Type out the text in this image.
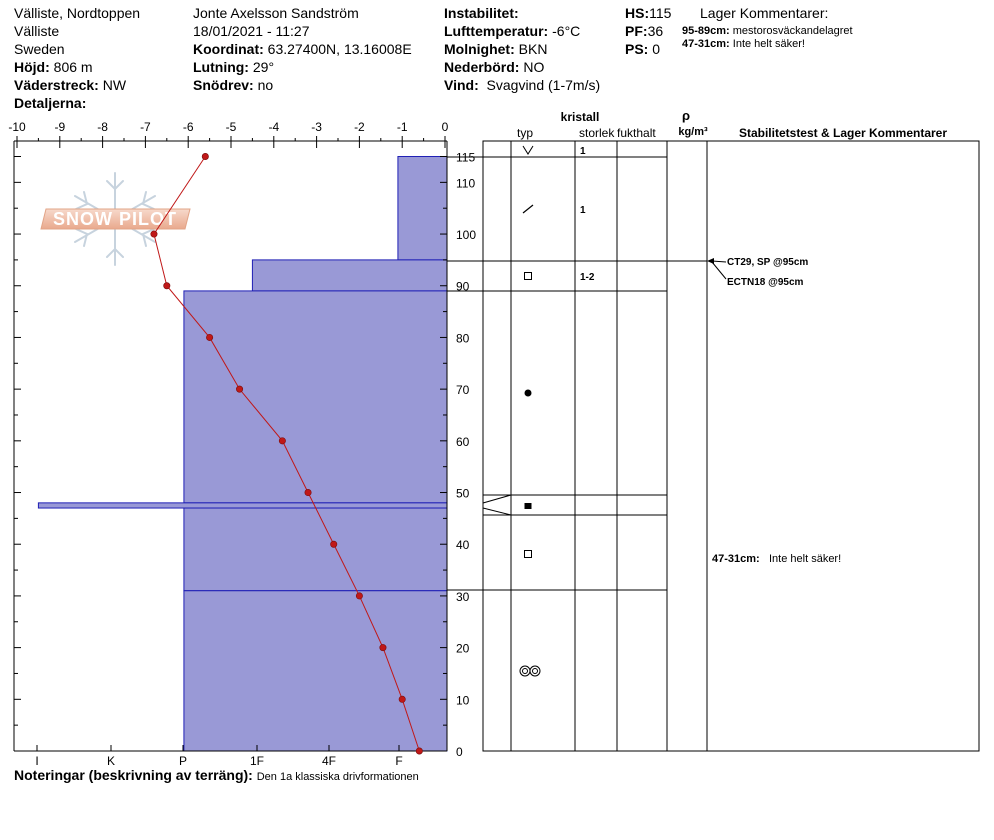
Välliste, Nordtoppen
Välliste
Sweden
Höjd: 806 m
Väderstreck: NW
Detaljerna:
Jonte Axelsson Sandström
18/01/2021 - 11:27
Koordinat: 63.27400N, 13.16008E
Lutning: 29°
Snödrev: no
Instabilitet:
Lufttemperatur: -6°C
Molnighet: BKN
Nederbörd: NO
Vind: Svagvind (1-7m/s)
HS:115
PF:36
PS: 0
Lager Kommentarer:
95-89cm: mestorosväckandelagret
47-31cm: Inte helt säker!
-10 -9	-8	-7	-6	-5	-4	-3	-2	-1	0
0
10
20
30
40
50
60
70
80
90
100
110
115
I	K	P	1F	4F	F
SNOW PILOT
kristall
typ	storlek fukthalt
ρ
kg/m³	Stabilitetstest & Lager Kommentarer
1
1
1-2
CT29, SP @95cm
ECTN18 @95cm
47-31cm: Inte helt säker!
Noteringar (beskrivning av terräng): Den 1a klassiska drivformationen
